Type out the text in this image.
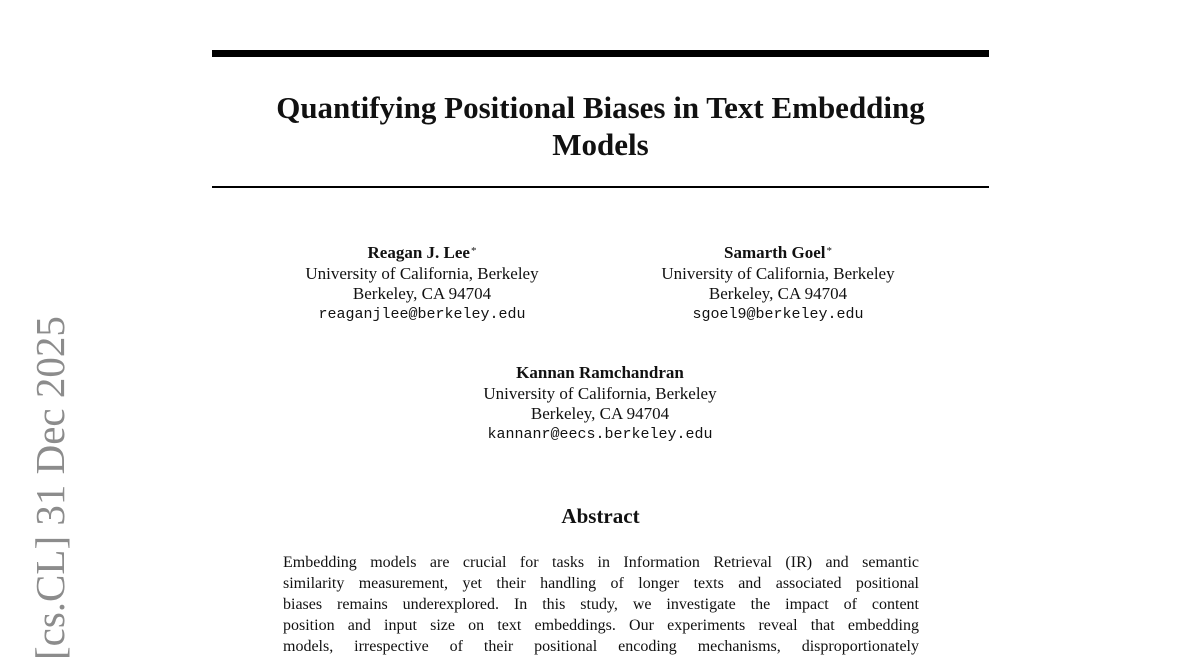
Quantifying Positional Biases in Text Embedding
Models
Reagan J. Lee*
University of California, Berkeley
Berkeley, CA 94704
reaganjlee@berkeley.edu
Samarth Goel*
University of California, Berkeley
Berkeley, CA 94704
sgoel9@berkeley.edu
Kannan Ramchandran
University of California, Berkeley
Berkeley, CA 94704
kannanr@eecs.berkeley.edu
Abstract
Embedding models are crucial for tasks in Information Retrieval (IR) and semantic
similarity measurement, yet their handling of longer texts and associated positional
biases remains underexplored. In this study, we investigate the impact of content
position and input size on text embeddings. Our experiments reveal that embedding
models, irrespective of their positional encoding mechanisms, disproportionately
[cs.CL] 31 Dec 2025
